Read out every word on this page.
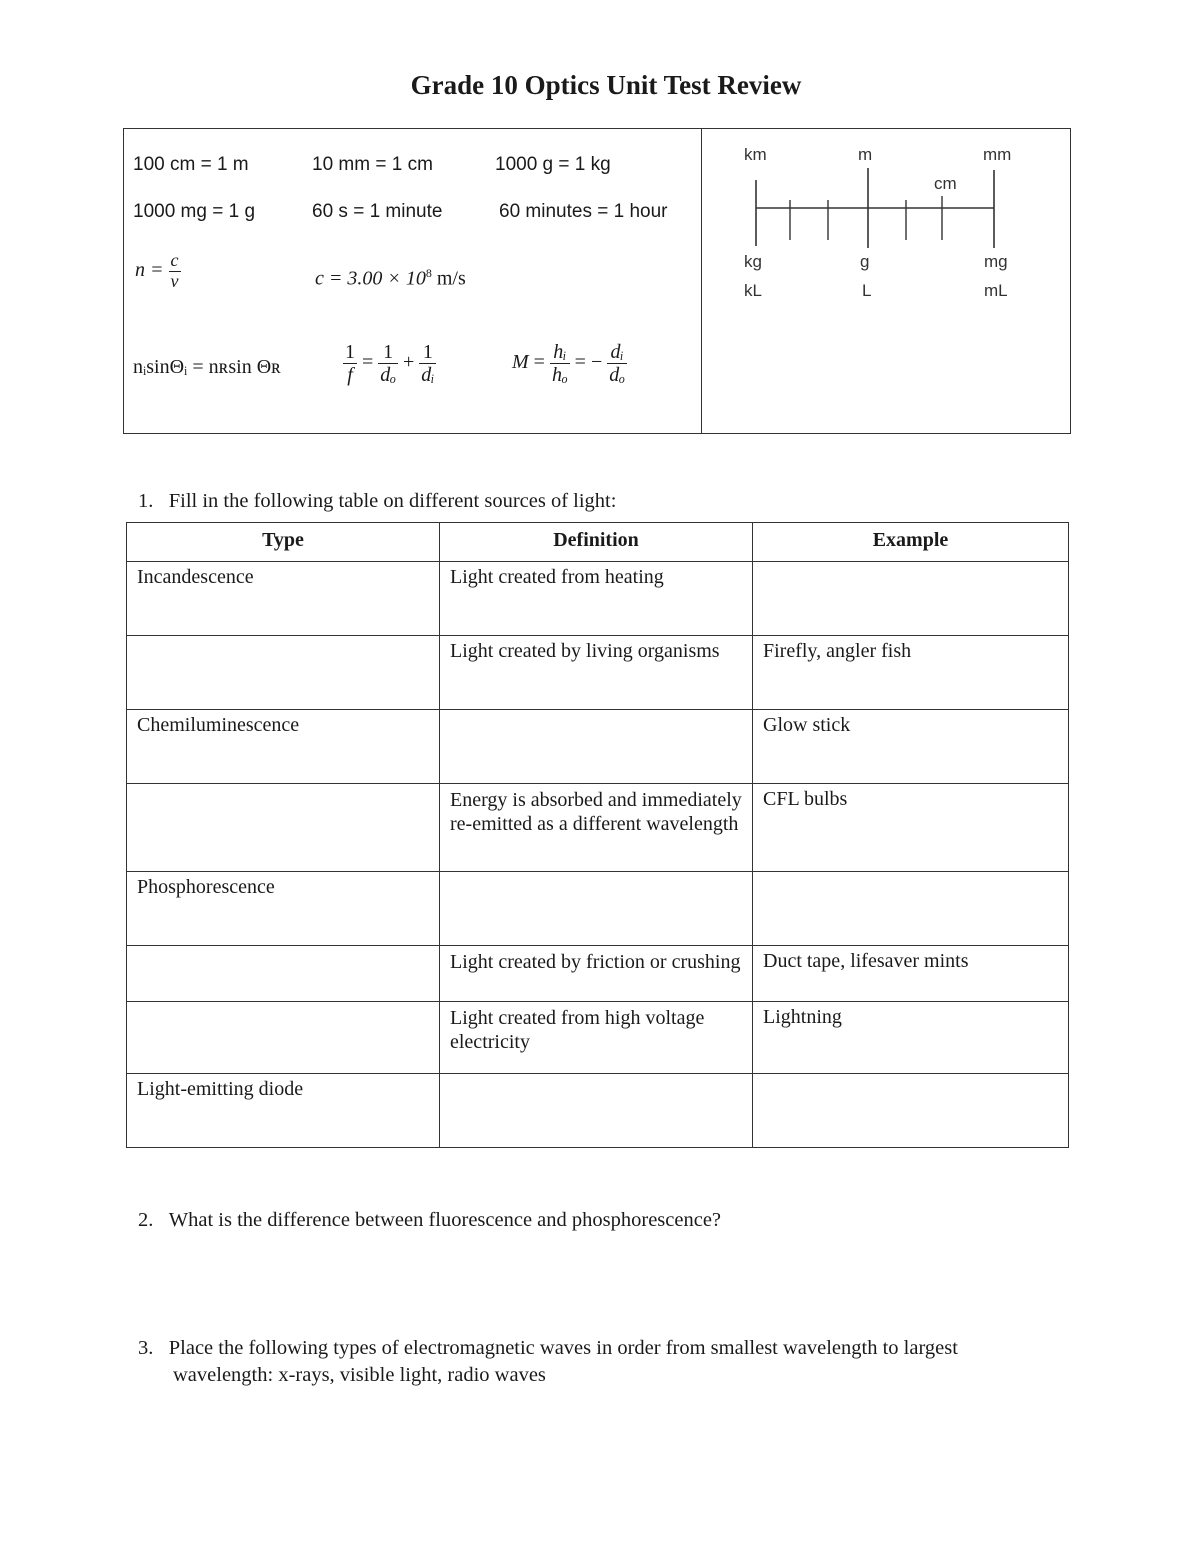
Grade 10 Optics Unit Test Review
100 cm = 1 m	10 mm = 1 cm	1000 g = 1 kg
1000 mg = 1 g	60 s = 1 minute	60 minutes = 1 hour
$n = \frac{c}{v}$	$c = 3.00 \times 10^8$ m/s
nᵢsinΘᵢ = nʀsin Θʀ	$\frac{1}{f} = \frac{1}{\text{dₒ}} + \frac{1}{\text{dᵢ}}$	$M = \frac{\text{hᵢ}}{\text{hₒ}}$ = − $\frac{\text{dᵢ}}{\text{dₒ}}$
km	m	mm
cm
kg	g	mg
kL	L	mL
1. Fill in the following table on different sources of light:
Type	Definition	Example
Incandescence	Light created from heating	
	Light created by living organisms	Firefly, angler fish
Chemiluminescence		Glow stick
	Energy is absorbed and immediately re-emitted as a different wavelength	CFL bulbs
Phosphorescence		
	Light created by friction or crushing	Duct tape, lifesaver mints
	Light created from high voltage electricity	Lightning
Light-emitting diode		
2. What is the difference between fluorescence and phosphorescence?
3. Place the following types of electromagnetic waves in order from smallest wavelength to largest
wavelength: x-rays, visible light, radio waves
